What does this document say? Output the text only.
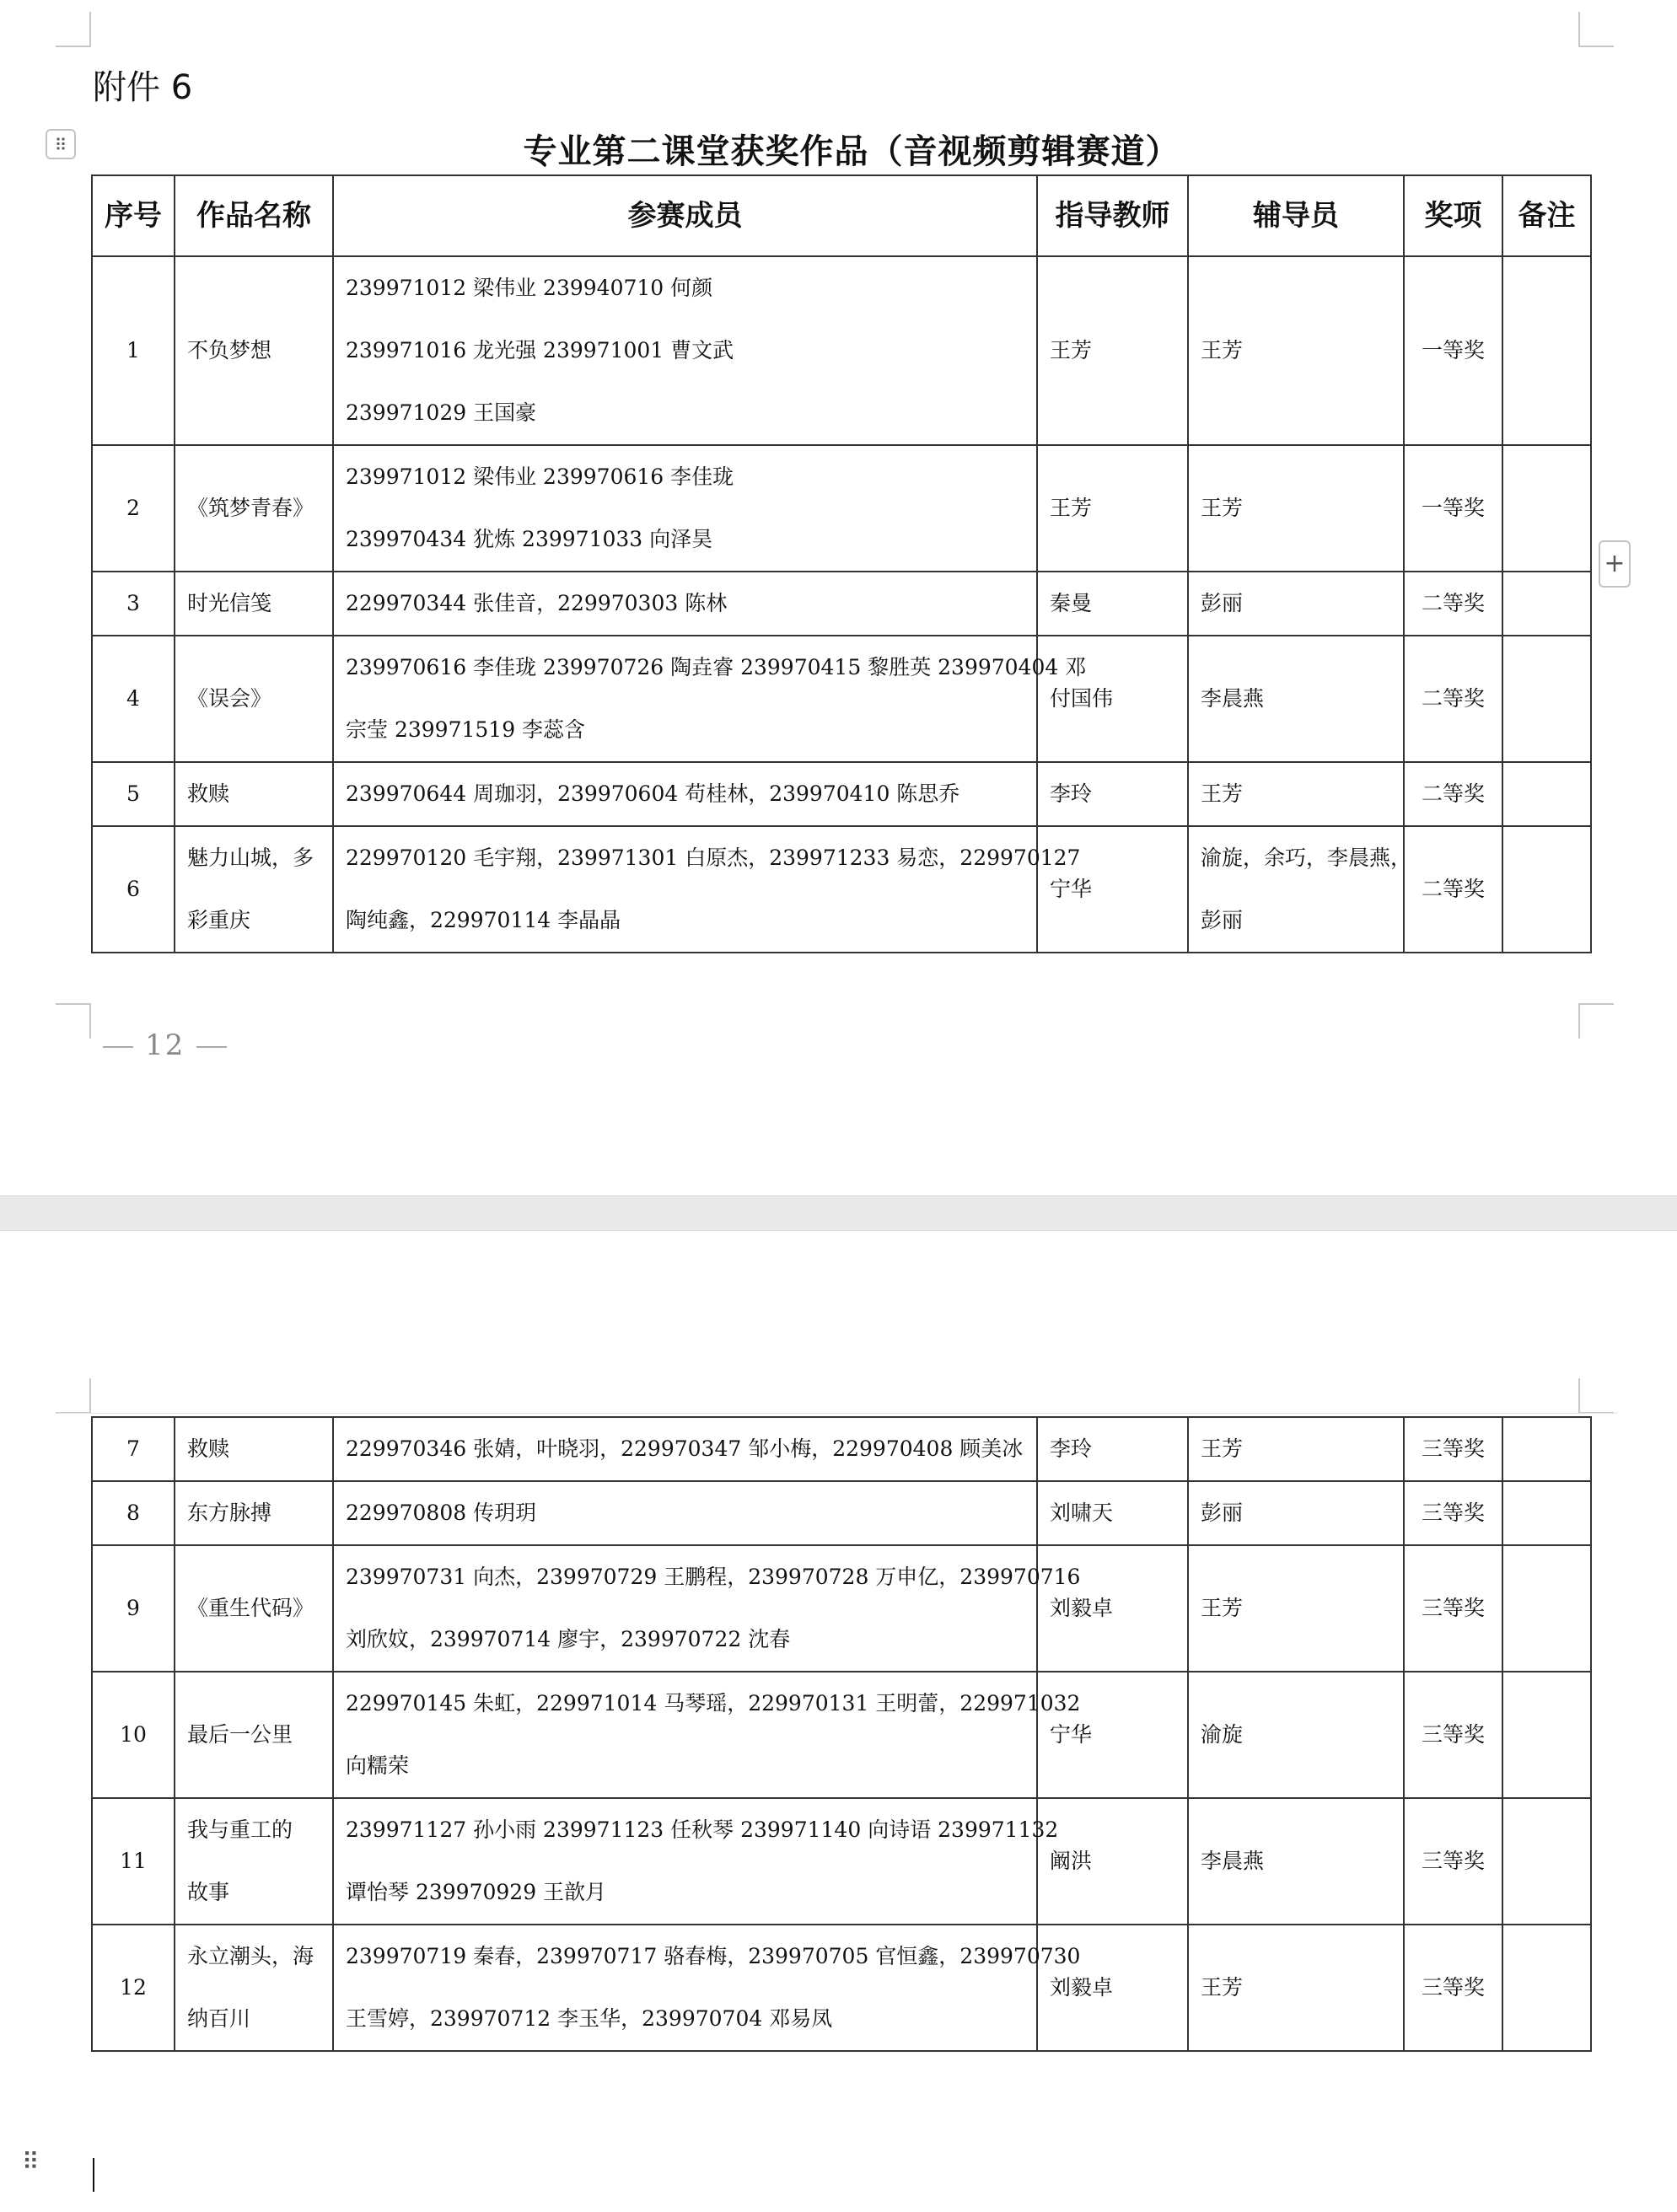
附件 6
⠿	专业第二课堂获奖作品（音视频剪辑赛道）
+
序号	作品名称	参赛成员	指导教师	辅导员	奖项	备注

1	不负梦想	239971012 梁伟业 239940710 何颜
239971016 龙光强 239971001 曹文武
239971029 王国豪	王芳	王芳	一等奖	

2	《筑梦青春》	239971012 梁伟业 239970616 李佳珑
239970434 犹炼 239971033 向泽昊	王芳	王芳	一等奖	

3	时光信笺	229970344 张佳音，229970303 陈林	秦曼	彭丽	二等奖	

4	《误会》	239970616 李佳珑 239970726 陶垚睿 239970415 黎胜英 239970404 邓
宗莹 239971519 李蕊含	付国伟	李晨燕	二等奖	

5	救赎	239970644 周珈羽，239970604 苟桂林，239970410 陈思乔	李玲	王芳	二等奖	

6	魅力山城，多
彩重庆	229970120 毛宇翔，239971301 白原杰，239971233 易恋，229970127
陶纯鑫，229970114 李晶晶	宁华	渝旋，余巧，李晨燕，
彭丽	二等奖	

12
7	救赎	229970346 张婧，叶晓羽，229970347 邹小梅，229970408 顾美冰	李玲	王芳	三等奖	

8	东方脉搏	229970808 传玥玥	刘啸天	彭丽	三等奖	

9	《重生代码》	239970731 向杰，239970729 王鹏程，239970728 万申亿，239970716
刘欣妏，239970714 廖宇，239970722 沈春	刘毅卓	王芳	三等奖	

10	最后一公里	229970145 朱虹，229971014 马琴瑶，229970131 王明蕾，229971032
向糯荣	宁华	渝旋	三等奖	

11	我与重工的
故事	239971127 孙小雨 239971123 任秋琴 239971140 向诗语 239971132
谭怡琴 239970929 王歆月	阚洪	李晨燕	三等奖	

12	永立潮头，海
纳百川	239970719 秦春，239970717 骆春梅，239970705 官恒鑫，239970730
王雪婷，239970712 李玉华，239970704 邓易凤	刘毅卓	王芳	三等奖	

⠿
